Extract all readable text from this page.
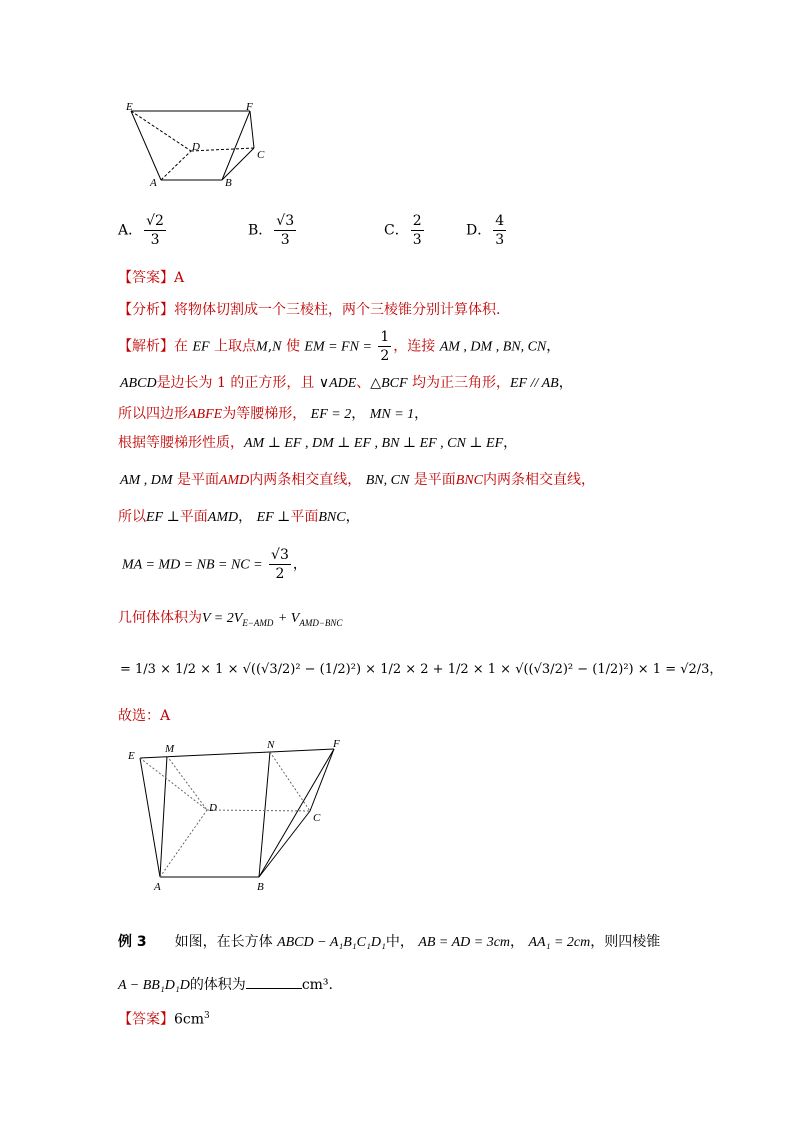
E	F
D
C
A	B
A． $\frac{√2}{3}$	B． $\frac{√3}{3}$	C． $\frac{2}{3}$	D． $\frac{4}{3}$
【答案】A
【分析】将物体切割成一个三棱柱，两个三棱锥分别计算体积.
【解析】在 EF 上取点M,N 使 EM = FN = $\frac{1}{2}$ ，连接 AM , DM , BN, CN，
ABCD是边长为 1 的正方形，且 ∨ADE、△BCF 均为正三角形，EF // AB，
所以四边形ABFE为等腰梯形， EF = 2， MN = 1，
根据等腰梯形性质，AM ⊥ EF , DM ⊥ EF , BN ⊥ EF , CN ⊥ EF，
AM , DM 是平面AMD内两条相交直线， BN, CN 是平面BNC内两条相交直线，
所以EF ⊥平面AMD， EF ⊥平面BNC，
MA = MD = NB = NC = $\frac{√3}{2}$ ，
几何体体积为$V = 2V_{E-AMD} + V_{AMD-BNC}$
= 1/3 × 1/2 × 1 × √((√3/2)² − (1/2)²) × 1/2 × 2 + 1/2 × 1 × √((√3/2)² − (1/2)²) × 1 = √2/3，
故选：A
E
M	N	F
D
C
A	B
例 3 如图，在长方体 ABCD − A₁B₁C₁D₁中， AB = AD = 3cm， AA₁ = 2cm，则四棱锥
A − BB₁D₁D的体积为	cm³.
【答案】$6cm^3$
